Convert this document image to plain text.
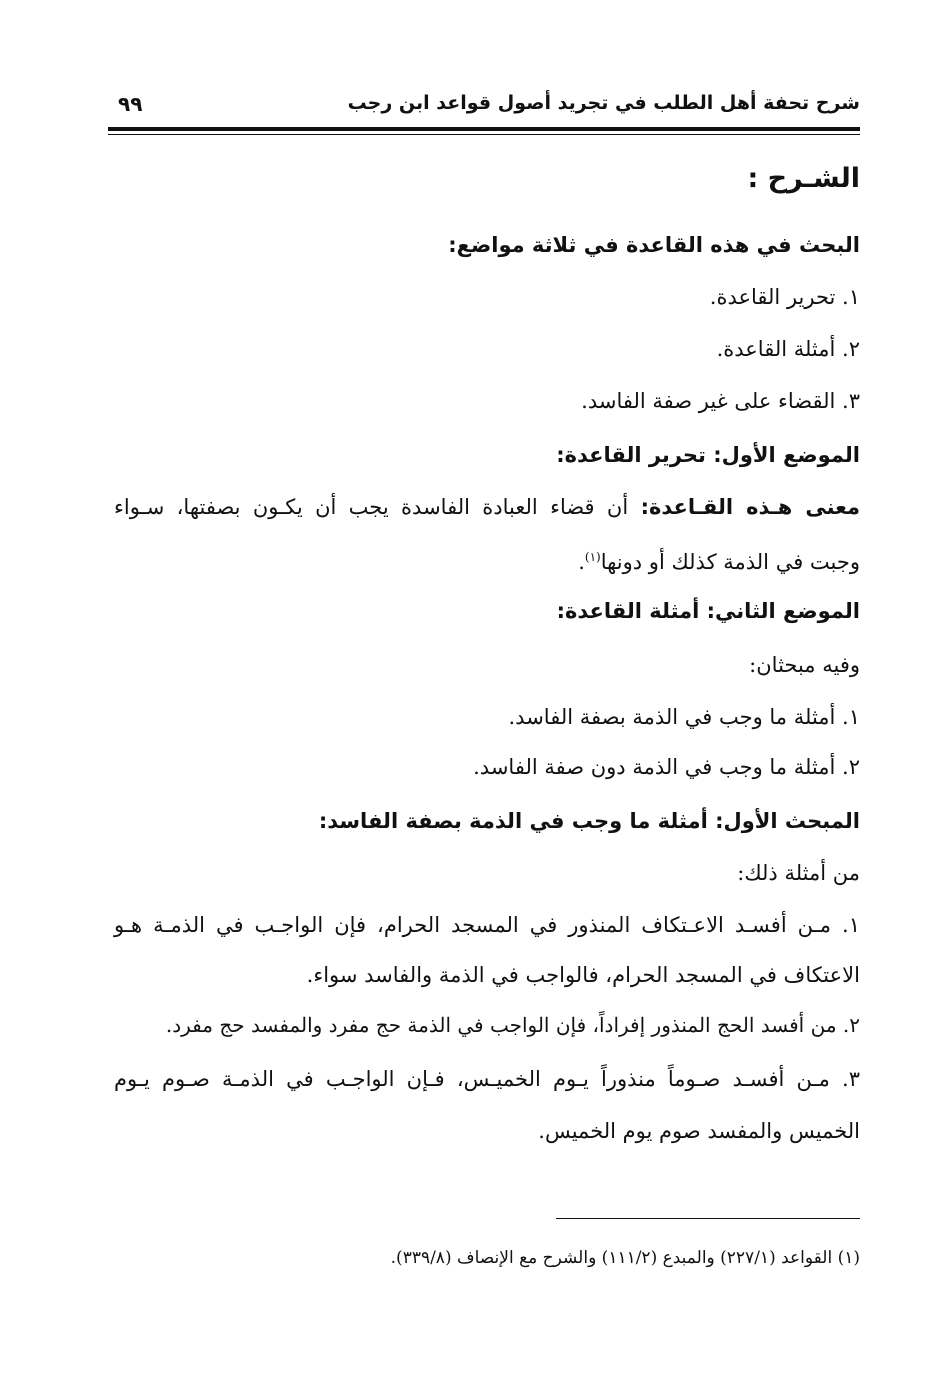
شرح تحفة أهل الطلب في تجريد أصول قواعد ابن رجب
٩٩
الشـرح :
البحث في هذه القاعدة في ثلاثة مواضع:
١. تحرير القاعدة.
٢. أمثلة القاعدة.
٣. القضاء على غير صفة الفاسد.
الموضع الأول: تحرير القاعدة:
معنى هـذه القـاعدة: أن قضاء العبادة الفاسدة يجب أن يكـون بصفتها، سـواء
وجبت في الذمة كذلك أو دونها$^{(١)}$.
الموضع الثاني: أمثلة القاعدة:
وفيه مبحثان:
١. أمثلة ما وجب في الذمة بصفة الفاسد.
٢. أمثلة ما وجب في الذمة دون صفة الفاسد.
المبحث الأول: أمثلة ما وجب في الذمة بصفة الفاسد:
من أمثلة ذلك:
١. مـن أفسـد الاعـتكاف المنذور في المسجد الحرام، فإن الواجـب في الذمـة هـو
الاعتكاف في المسجد الحرام، فالواجب في الذمة والفاسد سواء.
٢. من أفسد الحج المنذور إفراداً، فإن الواجب في الذمة حج مفرد والمفسد حج مفرد.
٣. مـن أفسـد صـوماً منذوراً يـوم الخميـس، فـإن الواجـب في الذمـة صـوم يـوم
الخميس والمفسد صوم يوم الخميس.
(١) القواعد (٢٢٧/١) والمبدع (١١١/٢) والشرح مع الإنصاف (٣٣٩/٨).
